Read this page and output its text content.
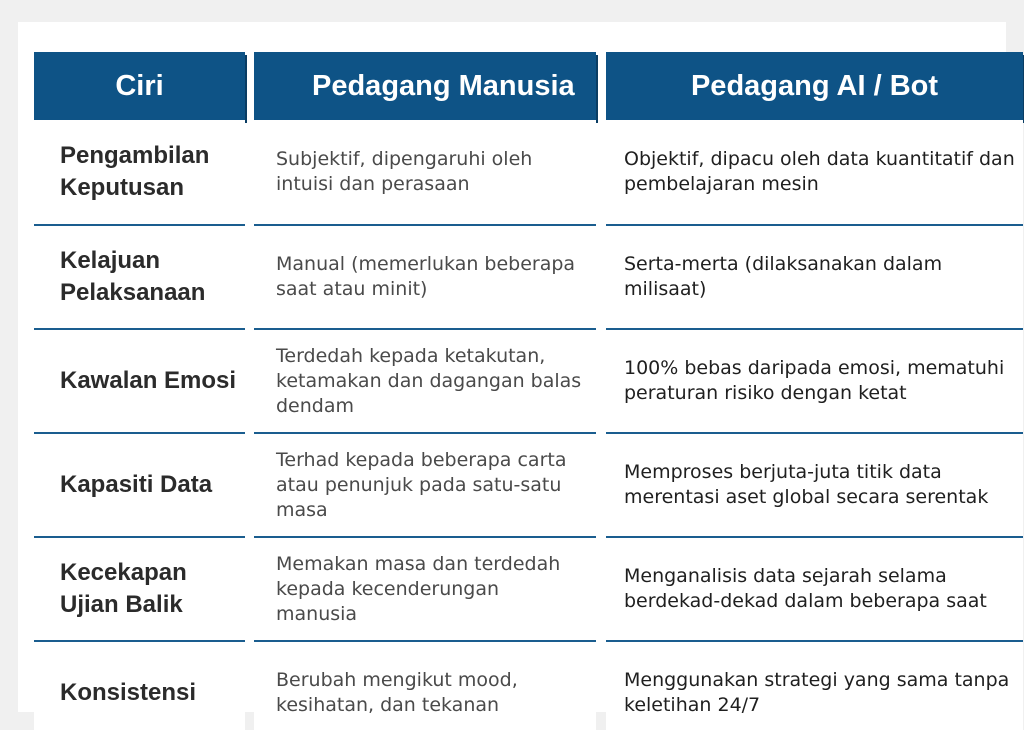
Ciri
Pengambilan Keputusan
Kelajuan Pelaksanaan
Kawalan Emosi
Kapasiti Data
Kecekapan Ujian Balik
Konsistensi
Pedagang Manusia
Subjektif, dipengaruhi oleh intuisi dan perasaan
Manual (memerlukan beberapa saat atau minit)
Terdedah kepada ketakutan, ketamakan dan dagangan balas dendam
Terhad kepada beberapa carta atau penunjuk pada satu-satu masa
Memakan masa dan terdedah kepada kecenderungan manusia
Berubah mengikut mood, kesihatan, dan tekanan
Pedagang AI / Bot
Objektif, dipacu oleh data kuantitatif dan pembelajaran mesin
Serta-merta (dilaksanakan dalam milisaat)
100% bebas daripada emosi, mematuhi peraturan risiko dengan ketat
Memproses berjuta-juta titik data merentasi aset global secara serentak
Menganalisis data sejarah selama berdekad-dekad dalam beberapa saat
Menggunakan strategi yang sama tanpa keletihan 24/7
